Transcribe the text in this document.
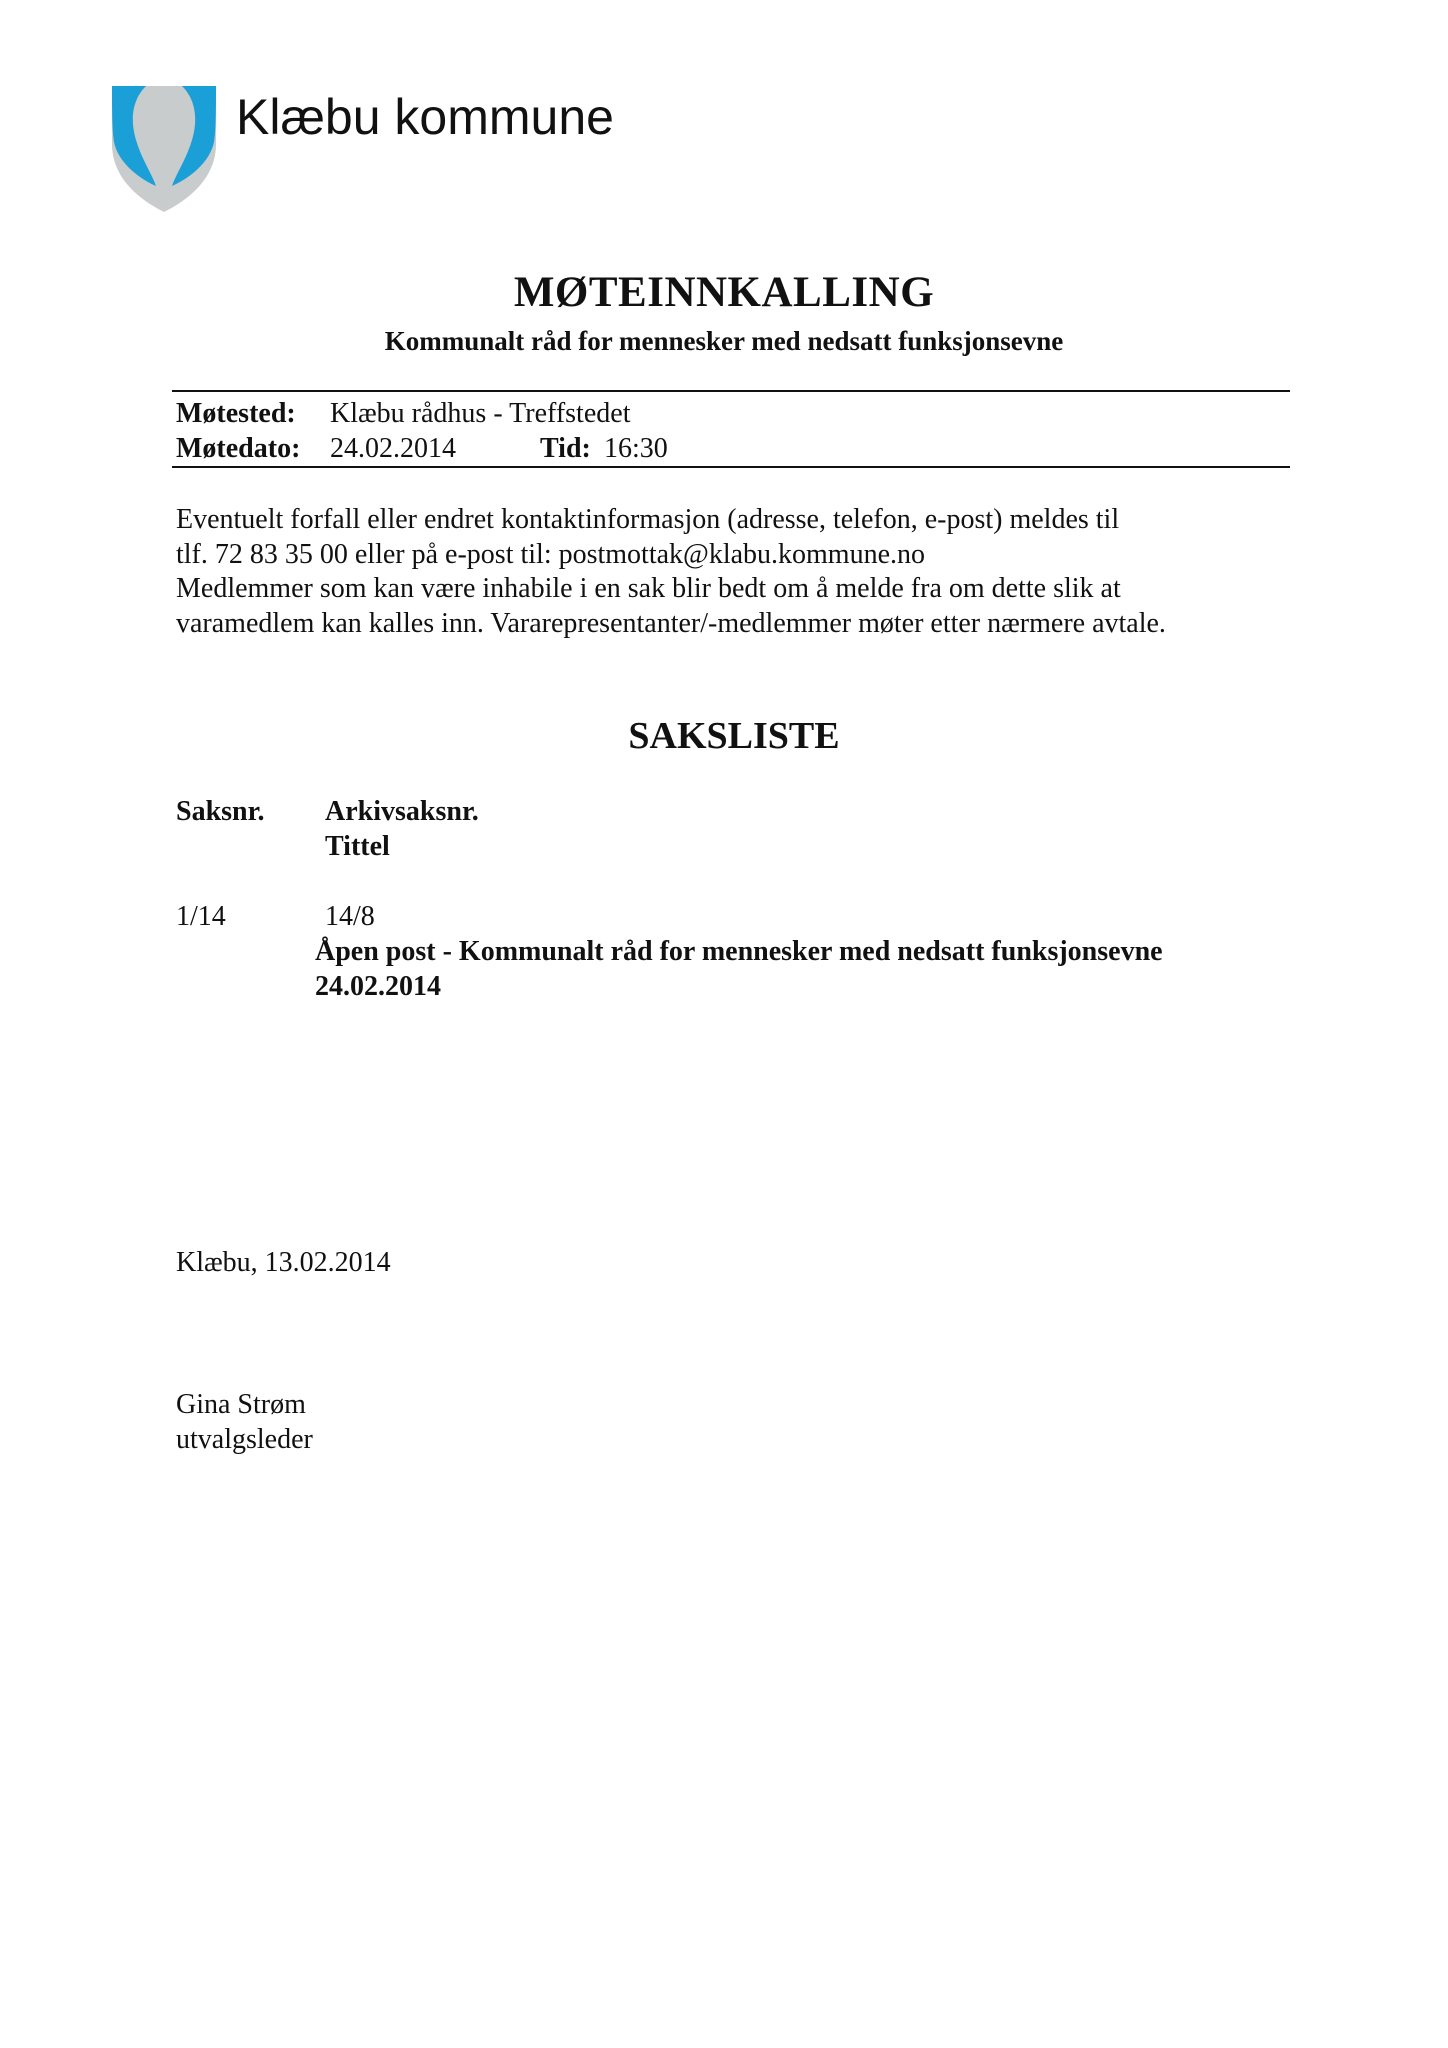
Klæbu kommune
MØTEINNKALLING
Kommunalt råd for mennesker med nedsatt funksjonsevne
Møtested: Klæbu rådhus - Treffstedet
Møtedato: 24.02.2014	Tid: 16:30
Eventuelt forfall eller endret kontaktinformasjon (adresse, telefon, e-post) meldes til
tlf. 72 83 35 00 eller på e-post til: postmottak@klabu.kommune.no
Medlemmer som kan være inhabile i en sak blir bedt om å melde fra om dette slik at
varamedlem kan kalles inn. Vararepresentanter/-medlemmer møter etter nærmere avtale.
SAKSLISTE
Saksnr. Arkivsaksnr.
Tittel
1/14	14/8
Åpen post - Kommunalt råd for mennesker med nedsatt funksjonsevne
24.02.2014
Klæbu, 13.02.2014
Gina Strøm
utvalgsleder
